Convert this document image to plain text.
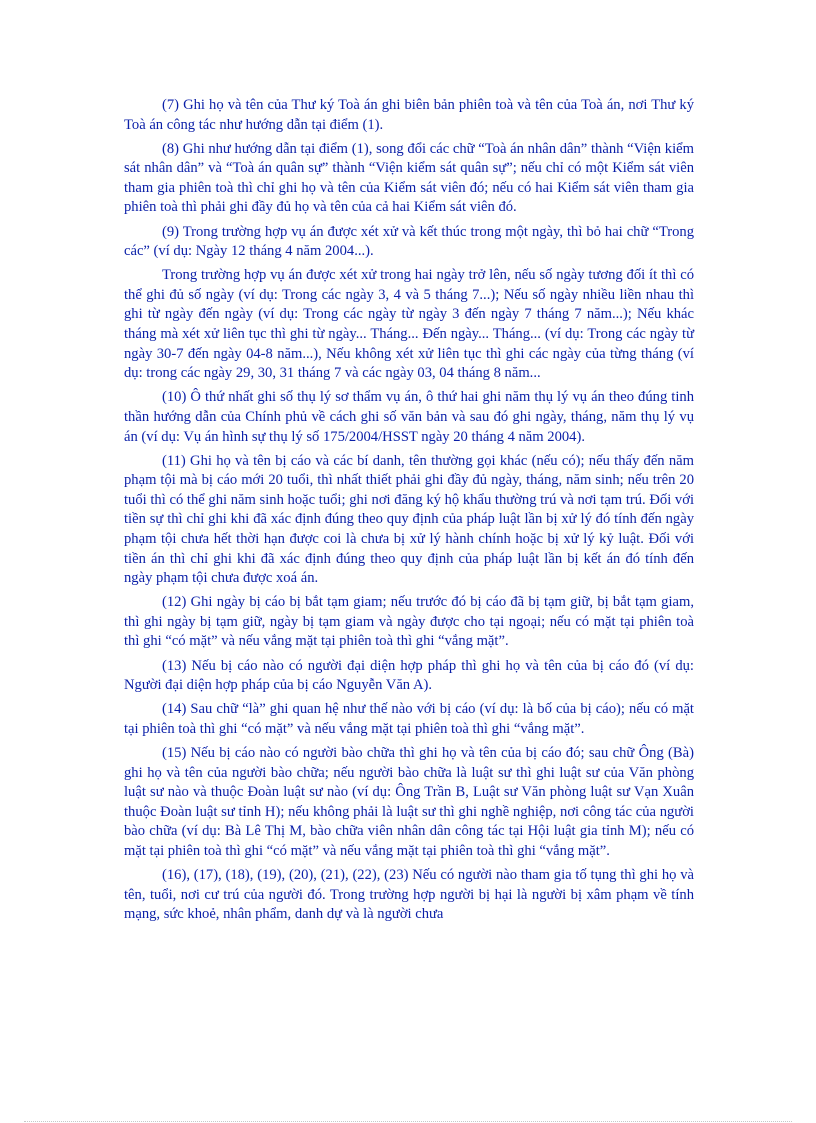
(7) Ghi họ và tên của Thư ký Toà án ghi biên bản phiên toà và tên của Toà án, nơi Thư ký Toà án công tác như hướng dẫn tại điểm (1).

(8) Ghi như hướng dẫn tại điểm (1), song đổi các chữ “Toà án nhân dân” thành “Viện kiểm sát nhân dân” và “Toà án quân sự” thành “Viện kiểm sát quân sự”; nếu chỉ có một Kiểm sát viên tham gia phiên toà thì chỉ ghi họ và tên của Kiểm sát viên đó; nếu có hai Kiểm sát viên tham gia phiên toà thì phải ghi đầy đủ họ và tên của cả hai Kiểm sát viên đó.

(9) Trong trường hợp vụ án được xét xử và kết thúc trong một ngày, thì bỏ hai chữ “Trong các” (ví dụ: Ngày 12 tháng 4 năm 2004...).

Trong trường hợp vụ án được xét xử trong hai ngày trở lên, nếu số ngày tương đối ít thì có thể ghi đủ số ngày (ví dụ: Trong các ngày 3, 4 và 5 tháng 7...); Nếu số ngày nhiều liền nhau thì ghi từ ngày đến ngày (ví dụ: Trong các ngày từ ngày 3 đến ngày 7 tháng 7 năm...); Nếu khác tháng mà xét xử liên tục thì ghi từ ngày... Tháng... Đến ngày... Tháng... (ví dụ: Trong các ngày từ ngày 30-7 đến ngày 04-8 năm...), Nếu không xét xử liên tục thì ghi các ngày của từng tháng (ví dụ: trong các ngày 29, 30, 31 tháng 7 và các ngày 03, 04 tháng 8 năm...

(10) Ô thứ nhất ghi số thụ lý sơ thẩm vụ án, ô thứ hai ghi năm thụ lý vụ án theo đúng tinh thần hướng dẫn của Chính phủ về cách ghi số văn bản và sau đó ghi ngày, tháng, năm thụ lý vụ án (ví dụ: Vụ án hình sự thụ lý số 175/2004/HSST ngày 20 tháng 4 năm 2004).

(11) Ghi họ và tên bị cáo và các bí danh, tên thường gọi khác (nếu có); nếu thấy đến năm phạm tội mà bị cáo mới 20 tuổi, thì nhất thiết phải ghi đầy đủ ngày, tháng, năm sinh; nếu trên 20 tuổi thì có thể ghi năm sinh hoặc tuổi; ghi nơi đăng ký hộ khẩu thường trú và nơi tạm trú. Đối với tiền sự thì chỉ ghi khi đã xác định đúng theo quy định của pháp luật lần bị xử lý đó tính đến ngày phạm tội chưa hết thời hạn được coi là chưa bị xử lý hành chính hoặc bị xử lý kỷ luật. Đối với tiền án thì chỉ ghi khi đã xác định đúng theo quy định của pháp luật lần bị kết án đó tính đến ngày phạm tội chưa được xoá án.

(12) Ghi ngày bị cáo bị bắt tạm giam; nếu trước đó bị cáo đã bị tạm giữ, bị bắt tạm giam, thì ghi ngày bị tạm giữ, ngày bị tạm giam và ngày được cho tại ngoại; nếu có mặt tại phiên toà thì ghi “có mặt” và nếu vắng mặt tại phiên toà thì ghi “vắng mặt”.

(13) Nếu bị cáo nào có người đại diện hợp pháp thì ghi họ và tên của bị cáo đó (ví dụ: Người đại diện hợp pháp của bị cáo Nguyễn Văn A).

(14) Sau chữ “là” ghi quan hệ như thế nào với bị cáo (ví dụ: là bố của bị cáo); nếu có mặt tại phiên toà thì ghi “có mặt” và nếu vắng mặt tại phiên toà thì ghi “vắng mặt”.

(15) Nếu bị cáo nào có người bào chữa thì ghi họ và tên của bị cáo đó; sau chữ Ông (Bà) ghi họ và tên của người bào chữa; nếu người bào chữa là luật sư thì ghi luật sư của Văn phòng luật sư nào và thuộc Đoàn luật sư nào (ví dụ: Ông Trần B, Luật sư Văn phòng luật sư Vạn Xuân thuộc Đoàn luật sư tỉnh H); nếu không phải là luật sư thì ghi nghề nghiệp, nơi công tác của người bào chữa (ví dụ: Bà Lê Thị M, bào chữa viên nhân dân công tác tại Hội luật gia tỉnh M); nếu có mặt tại phiên toà thì ghi “có mặt” và nếu vắng mặt tại phiên toà thì ghi “vắng mặt”.

(16), (17), (18), (19), (20), (21), (22), (23) Nếu có người nào tham gia tố tụng thì ghi họ và tên, tuổi, nơi cư trú của người đó. Trong trường hợp người bị hại là người bị xâm phạm về tính mạng, sức khoẻ, nhân phẩm, danh dự và là người chưa
